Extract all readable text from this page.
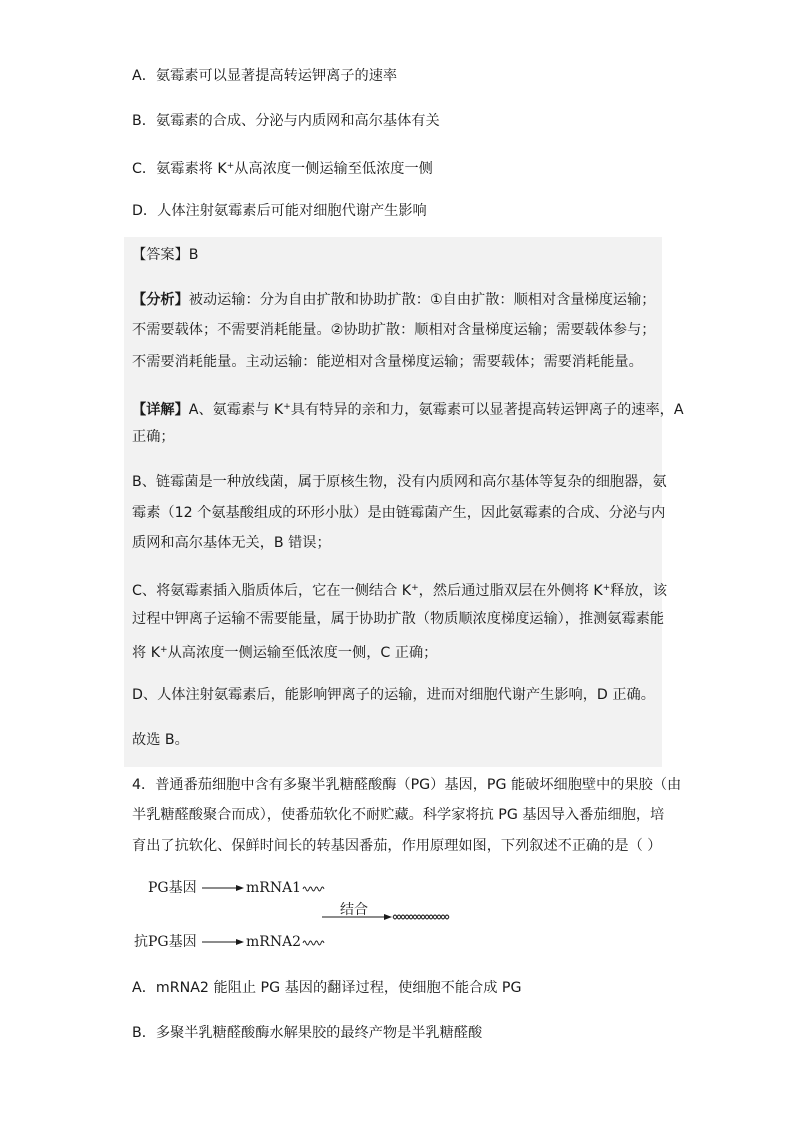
A．氨霉素可以显著提高转运钾离子的速率
B．氨霉素的合成、分泌与内质网和高尔基体有关
C．氨霉素将 K+从高浓度一侧运输至低浓度一侧
D．人体注射氨霉素后可能对细胞代谢产生影响
【答案】B
【分析】被动运输：分为自由扩散和协助扩散：①自由扩散：顺相对含量梯度运输；
不需要载体；不需要消耗能量。②协助扩散：顺相对含量梯度运输；需要载体参与；
不需要消耗能量。主动运输：能逆相对含量梯度运输；需要载体；需要消耗能量。
【详解】A、氨霉素与 K+具有特异的亲和力，氨霉素可以显著提高转运钾离子的速率，A
正确；
B、链霉菌是一种放线菌，属于原核生物，没有内质网和高尔基体等复杂的细胞器，氨
霉素（12 个氨基酸组成的环形小肽）是由链霉菌产生，因此氨霉素的合成、分泌与内
质网和高尔基体无关，B 错误；
C、将氨霉素插入脂质体后，它在一侧结合 K+，然后通过脂双层在外侧将 K+释放，该
过程中钾离子运输不需要能量，属于协助扩散（物质顺浓度梯度运输），推测氨霉素能
将 K+从高浓度一侧运输至低浓度一侧，C 正确；
D、人体注射氨霉素后，能影响钾离子的运输，进而对细胞代谢产生影响，D 正确。
故选 B。
4．普通番茄细胞中含有多聚半乳糖醛酸酶（PG）基因，PG 能破坏细胞壁中的果胶（由
半乳糖醛酸聚合而成），使番茄软化不耐贮藏。科学家将抗 PG 基因导入番茄细胞，培
育出了抗软化、保鲜时间长的转基因番茄，作用原理如图，下列叙述不正确的是（ ）
PG基因	mRNA1
结合
抗PG基因	mRNA2
A．mRNA2 能阻止 PG 基因的翻译过程，使细胞不能合成 PG
B．多聚半乳糖醛酸酶水解果胶的最终产物是半乳糖醛酸
